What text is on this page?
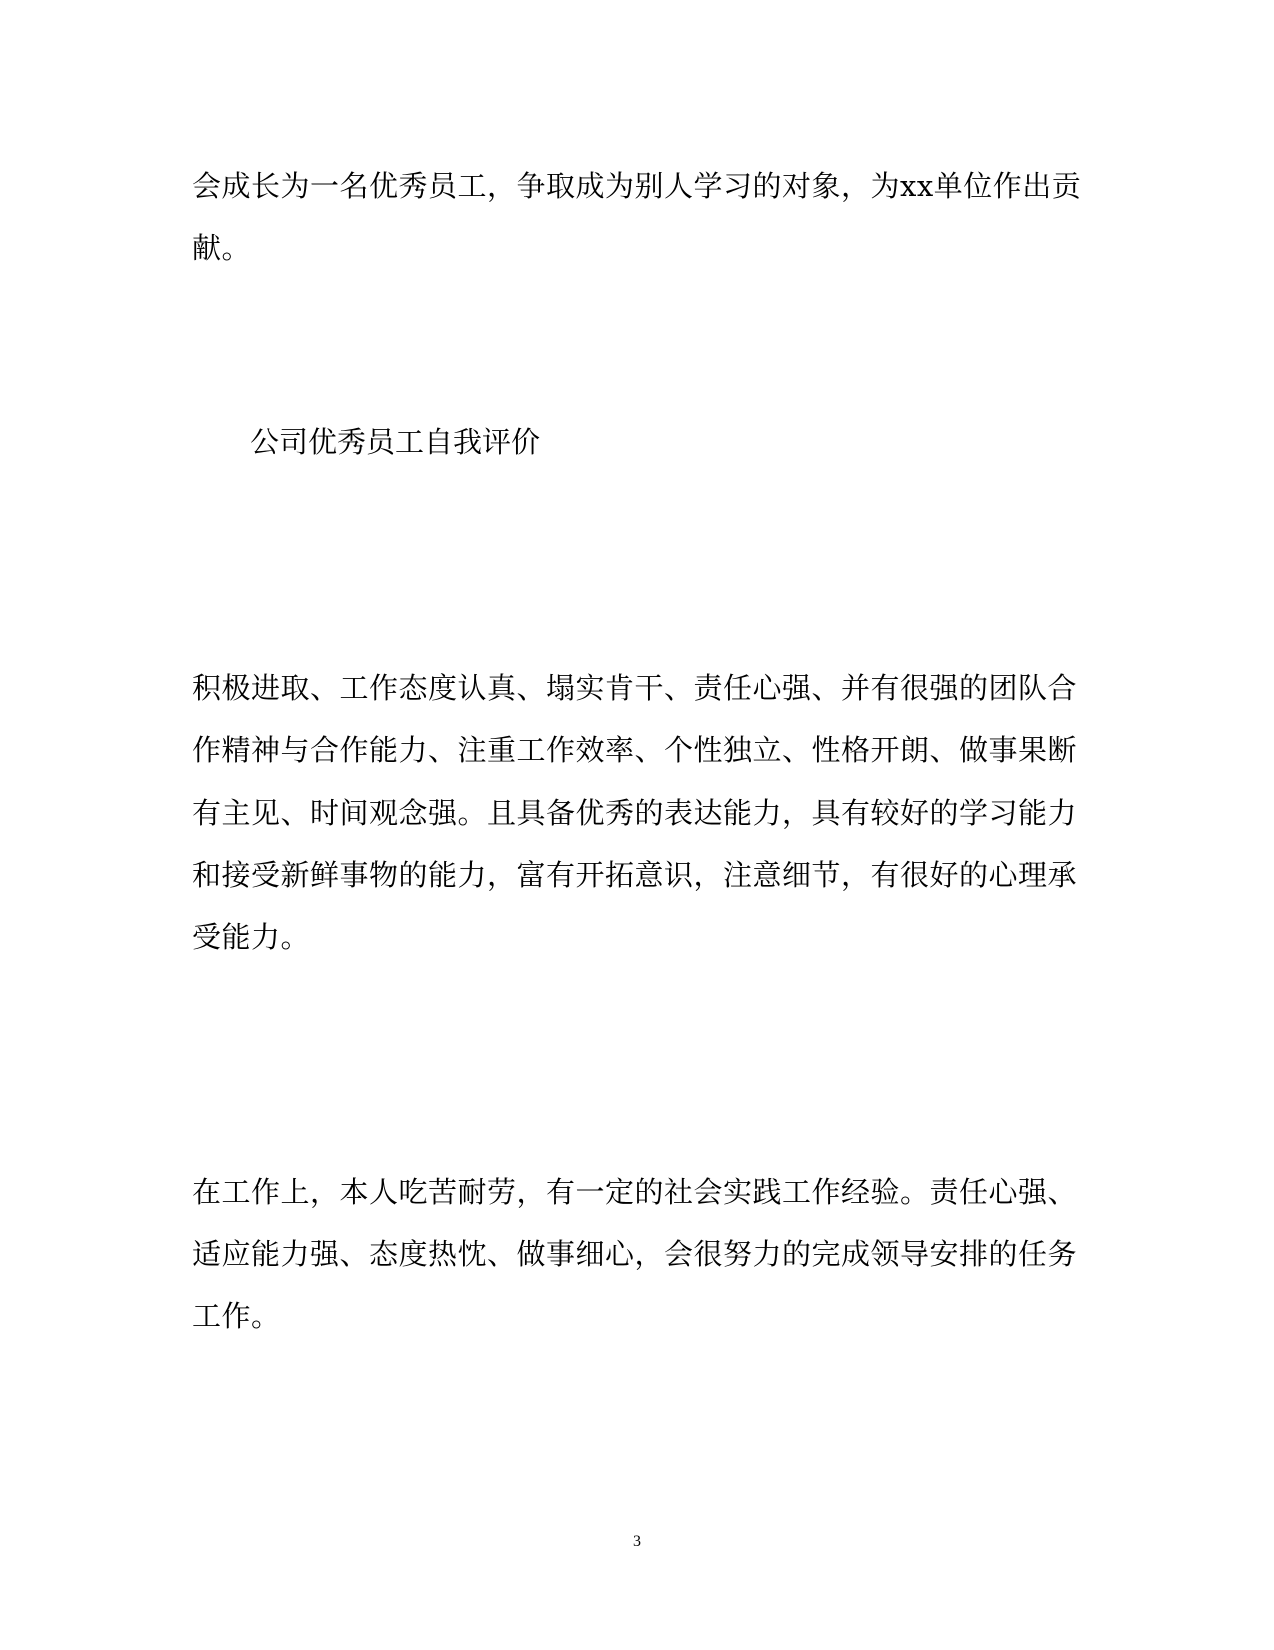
会成长为一名优秀员工，争取成为别人学习的对象，为xx单位作出贡
献。
公司优秀员工自我评价
积极进取、工作态度认真、塌实肯干、责任心强、并有很强的团队合
作精神与合作能力、注重工作效率、个性独立、性格开朗、做事果断
有主见、时间观念强。且具备优秀的表达能力，具有较好的学习能力
和接受新鲜事物的能力，富有开拓意识，注意细节，有很好的心理承
受能力。
在工作上，本人吃苦耐劳，有一定的社会实践工作经验。责任心强、
适应能力强、态度热忱、做事细心，会很努力的完成领导安排的任务
工作。
3
